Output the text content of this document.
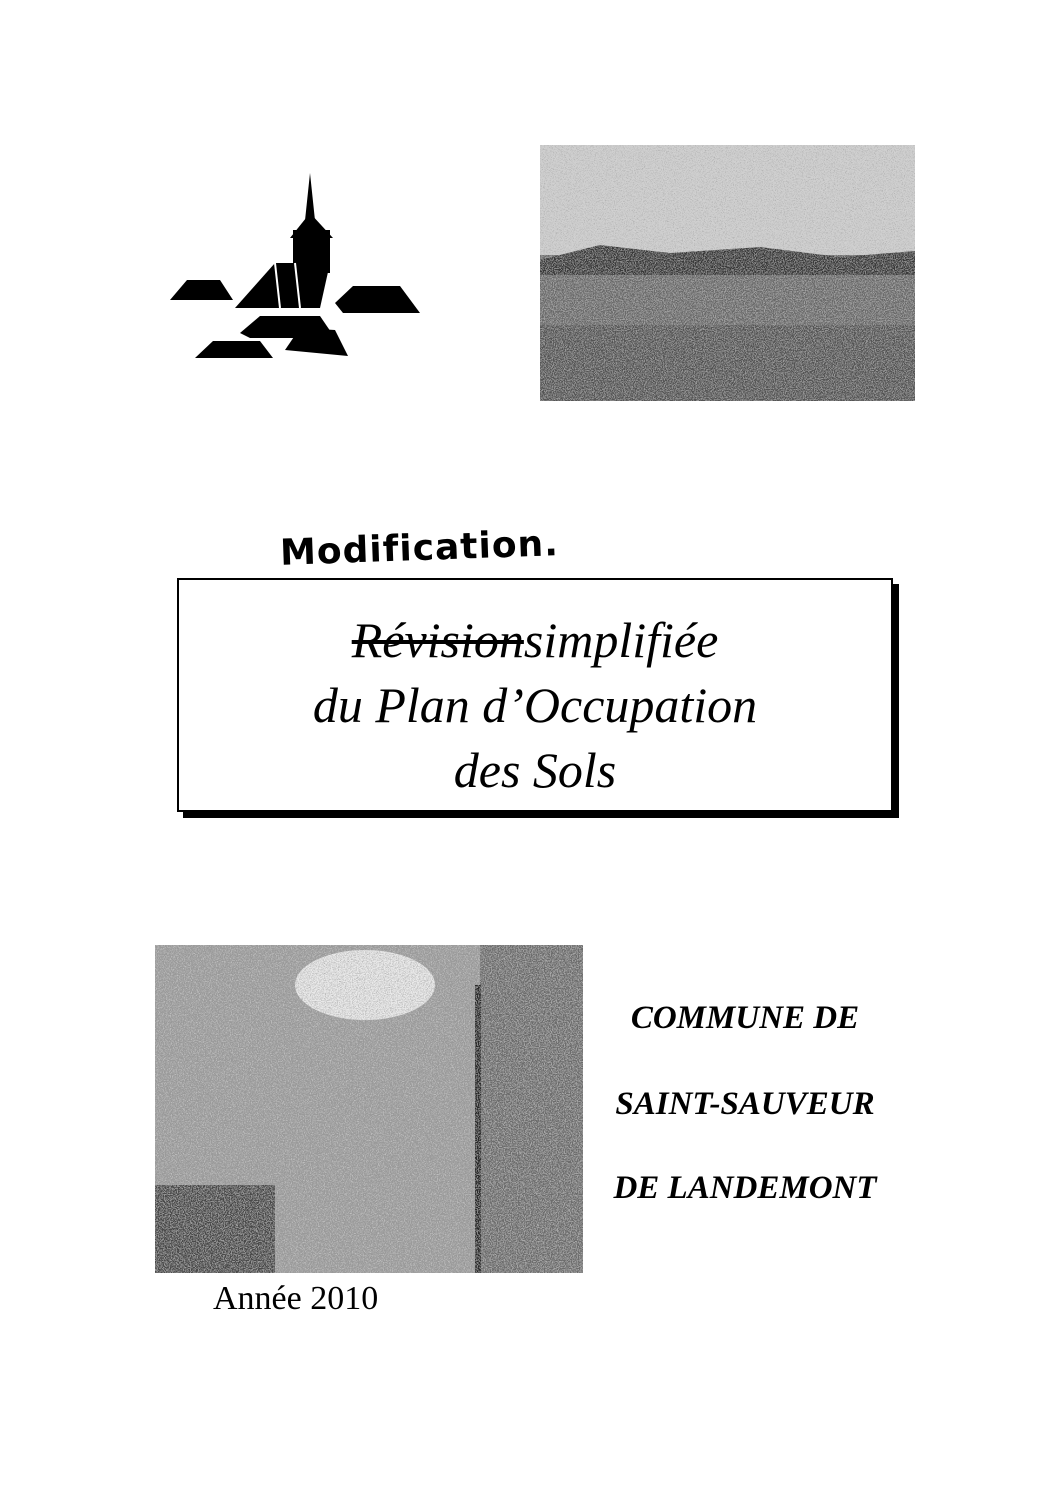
Modification.
Révisionsimplifiée
du Plan d’Occupation
des Sols
COMMUNE DE
SAINT-SAUVEUR
DE LANDEMONT
Année 2010
